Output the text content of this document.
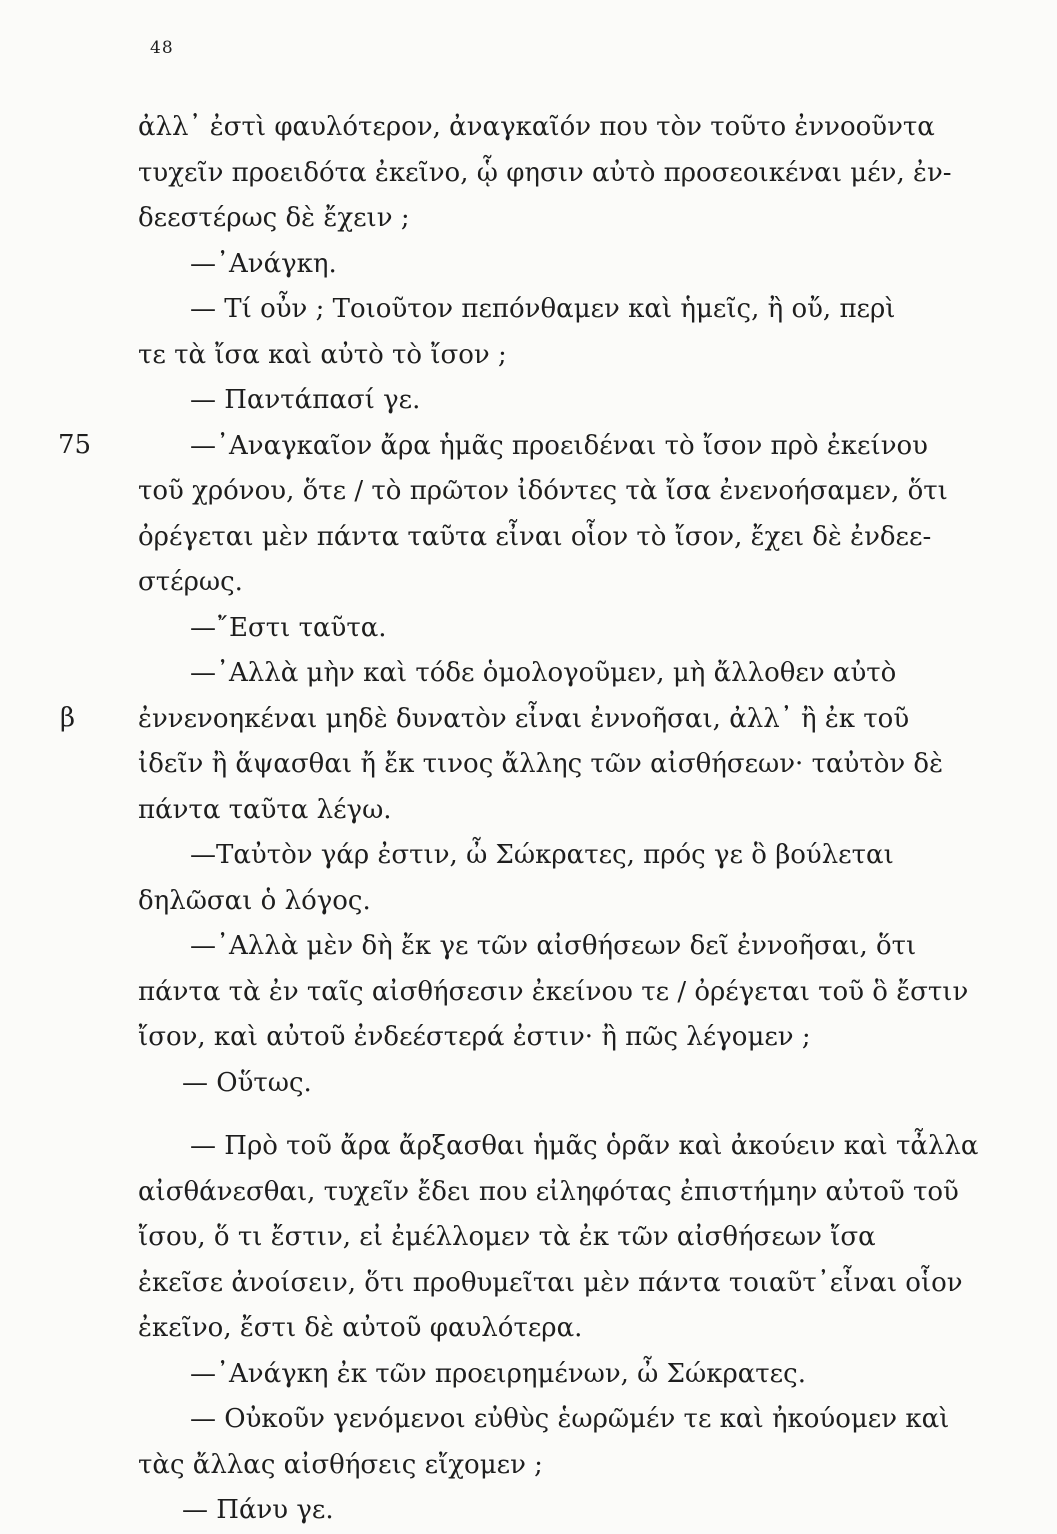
48
75
β
ἀλλ᾽ ἐστὶ φαυλότερον, ἀναγκαῖόν που τὸν τοῦτο ἐννοοῦντα
τυχεῖν προειδότα ἐκεῖνο, ᾧ φησιν αὐτὸ προσεοικέναι μέν, ἐν-
δεεστέρως δὲ ἔχειν ;
—᾽Ανάγκη.
— Τί οὖν ; Τοιοῦτον πεπόνθαμεν καὶ ἡμεῖς, ἢ οὔ, περὶ
τε τὰ ἴσα καὶ αὐτὸ τὸ ἴσον ;
— Παντάπασί γε.
—᾽Αναγκαῖον ἄρα ἡμᾶς προειδέναι τὸ ἴσον πρὸ ἐκείνου
τοῦ χρόνου, ὅτε / τὸ πρῶτον ἰδόντες τὰ ἴσα ἐνενοήσαμεν, ὅτι
ὀρέγεται μὲν πάντα ταῦτα εἶναι οἷον τὸ ἴσον, ἔχει δὲ ἐνδεε-
στέρως.
—῎Εστι ταῦτα.
—᾽Αλλὰ μὴν καὶ τόδε ὁμολογοῦμεν, μὴ ἄλλοθεν αὐτὸ
ἐννενοηκέναι μηδὲ δυνατὸν εἶναι ἐννοῆσαι, ἀλλ᾽ ἢ ἐκ τοῦ
ἰδεῖν ἢ ἅψασθαι ἤ ἔκ τινος ἄλλης τῶν αἰσθήσεων· ταὐτὸν δὲ
πάντα ταῦτα λέγω.
—Ταὐτὸν γάρ ἐστιν, ὦ Σώκρατες, πρός γε ὃ βούλεται
δηλῶσαι ὁ λόγος.
—᾽Αλλὰ μὲν δὴ ἔκ γε τῶν αἰσθήσεων δεῖ ἐννοῆσαι, ὅτι
πάντα τὰ ἐν ταῖς αἰσθήσεσιν ἐκείνου τε / ὀρέγεται τοῦ ὃ ἔστιν
ἴσον, καὶ αὐτοῦ ἐνδεέστερά ἐστιν· ἢ πῶς λέγομεν ;
— Οὕτως.
— Πρὸ τοῦ ἄρα ἄρξασθαι ἡμᾶς ὁρᾶν καὶ ἀκούειν καὶ τἆλλα
αἰσθάνεσθαι, τυχεῖν ἔδει που εἰληφότας ἐπιστήμην αὐτοῦ τοῦ
ἴσου, ὅ τι ἔστιν, εἰ ἐμέλλομεν τὰ ἐκ τῶν αἰσθήσεων ἴσα
ἐκεῖσε ἀνοίσειν, ὅτι προθυμεῖται μὲν πάντα τοιαῦτ᾽εἶναι οἷον
ἐκεῖνο, ἔστι δὲ αὐτοῦ φαυλότερα.
—᾽Ανάγκη ἐκ τῶν προειρημένων, ὦ Σώκρατες.
— Οὐκοῦν γενόμενοι εὐθὺς ἑωρῶμέν τε καὶ ἠκούομεν καὶ
τὰς ἄλλας αἰσθήσεις εἴχομεν ;
— Πάνυ γε.
